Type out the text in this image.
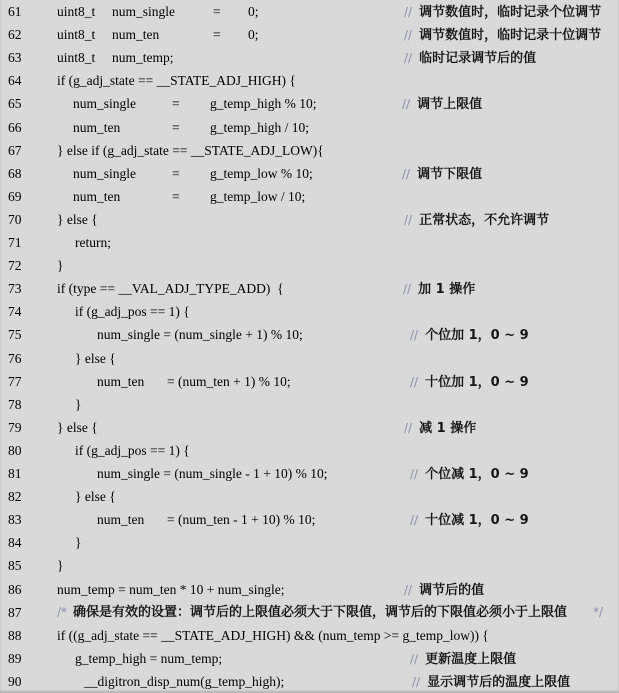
61	uint8_t num_single	= 0;	// 调节数值时，临时记录个位调节
62	uint8_t num_ten	= 0;	// 调节数值时，临时记录十位调节
63	uint8_t num_temp;	// 临时记录调节后的值
64	if (g_adj_state == __STATE_ADJ_HIGH) {
65	num_single	= g_temp_high % 10;	// 调节上限值
66	num_ten	= g_temp_high / 10;
67	} else if (g_adj_state == __STATE_ADJ_LOW){
68	num_single	= g_temp_low % 10;	// 调节下限值
69	num_ten	= g_temp_low / 10;
70	} else {	// 正常状态，不允许调节
71	return;
72	}
73	if (type == __VAL_ADJ_TYPE_ADD)  {	// 加 1 操作
74	if (g_adj_pos == 1) {
75	num_single = (num_single + 1) % 10;	// 个位加 1，0 ~ 9
76	} else {
77	num_ten = (num_ten + 1) % 10;	// 十位加 1，0 ~ 9
78	}
79	} else {	// 减 1 操作
80	if (g_adj_pos == 1) {
81	num_single = (num_single - 1 + 10) % 10;	// 个位减 1，0 ~ 9
82	} else {
83	num_ten = (num_ten - 1 + 10) % 10;	// 十位减 1，0 ~ 9
84	}
85	}
86	num_temp = num_ten * 10 + num_single;	// 调节后的值
87	/* 确保是有效的设置：调节后的上限值必须大于下限值，调节后的下限值必须小于上限值 */
88	if ((g_adj_state == __STATE_ADJ_HIGH) && (num_temp >= g_temp_low)) {
89	g_temp_high = num_temp;	// 更新温度上限值
90	__digitron_disp_num(g_temp_high);	// 显示调节后的温度上限值
